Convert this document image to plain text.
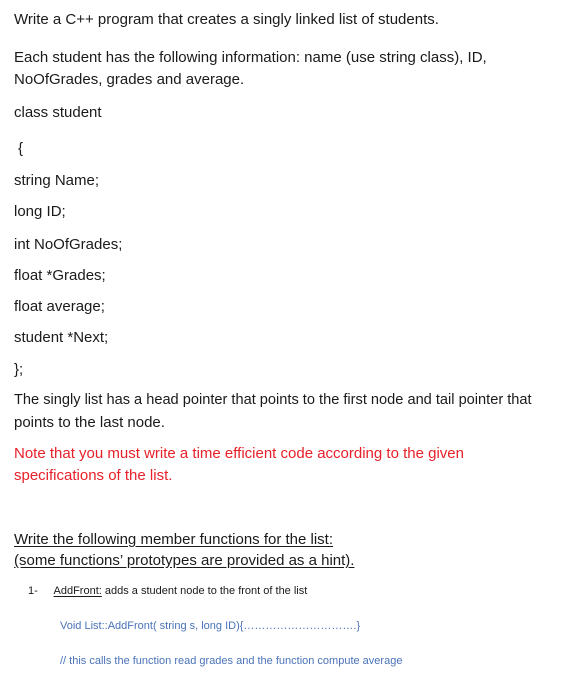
Write a C++ program that creates a singly linked list of students.
Each student has the following information: name (use string class), ID,
NoOfGrades, grades and average.
class student
{
string Name;
long ID;
int NoOfGrades;
float *Grades;
float average;
student *Next;
};
The singly list has a head pointer that points to the first node and tail pointer that
points to the last node.
Note that you must write a time efficient code according to the given
specifications of the list.
Write the following member functions for the list:
(some functions’ prototypes are provided as a hint).
1- AddFront: adds a student node to the front of the list
Void List::AddFront( string s, long ID){………………………….}
// this calls the function read grades and the function compute average
